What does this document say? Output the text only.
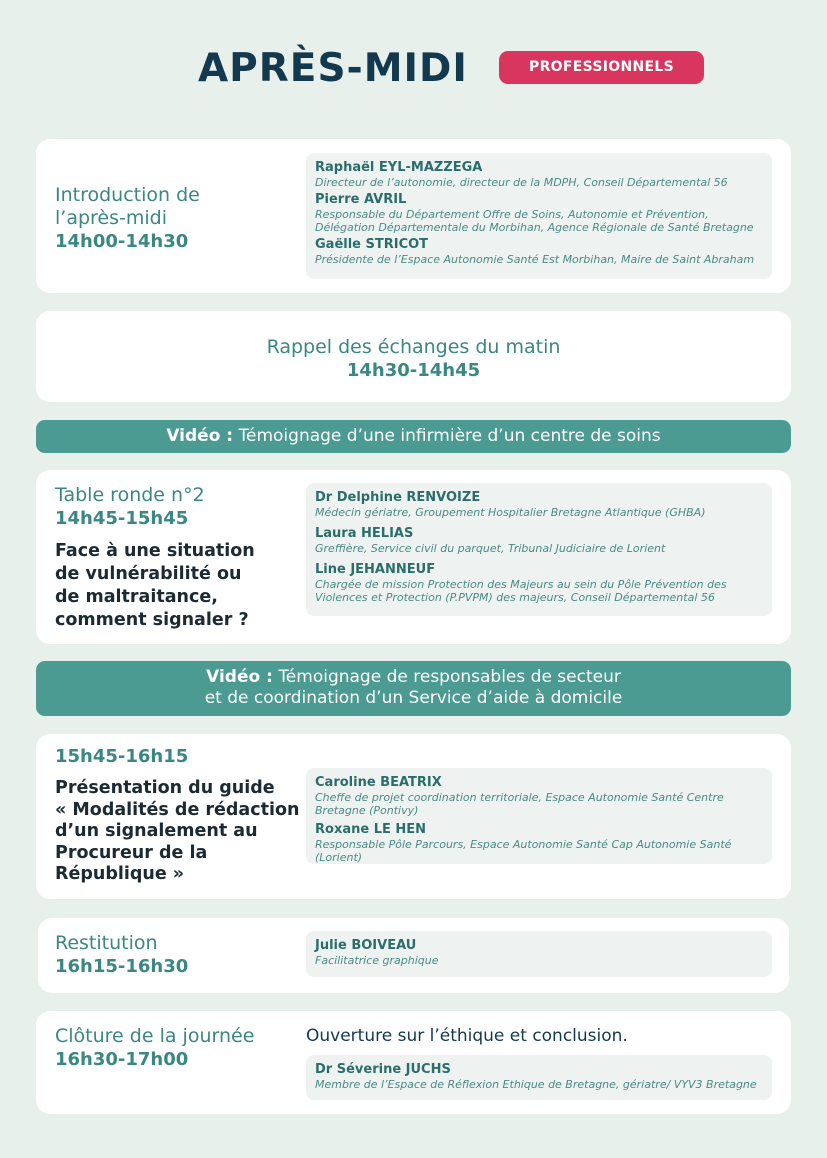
APRÈS-MIDI	PROFESSIONNELS
Introduction de
l’après-midi
14h00-14h30
Raphaël EYL-MAZZEGA
Directeur de l’autonomie, directeur de la MDPH, Conseil Départemental 56
Pierre AVRIL
Responsable du Département Offre de Soins, Autonomie et Prévention,
Délégation Départementale du Morbihan, Agence Régionale de Santé Bretagne
Gaëlle STRICOT
Présidente de l’Espace Autonomie Santé Est Morbihan, Maire de Saint Abraham
Rappel des échanges du matin
14h30-14h45
Vidéo : Témoignage d’une infirmière d’un centre de soins
Table ronde n°2
14h45-15h45
Face à une situation
de vulnérabilité ou
de maltraitance,
comment signaler ?
Dr Delphine RENVOIZE
Médecin gériatre, Groupement Hospitalier Bretagne Atlantique (GHBA)
Laura HELIAS
Greffière, Service civil du parquet, Tribunal Judiciaire de Lorient
Line JEHANNEUF
Chargée de mission Protection des Majeurs au sein du Pôle Prévention des
Violences et Protection (P.PVPM) des majeurs, Conseil Départemental 56
Vidéo : Témoignage de responsables de secteur
et de coordination d’un Service d’aide à domicile
15h45-16h15
Présentation du guide
« Modalités de rédaction
d’un signalement au
Procureur de la
République »
Caroline BEATRIX
Cheffe de projet coordination territoriale, Espace Autonomie Santé Centre
Bretagne (Pontivy)
Roxane LE HEN
Responsable Pôle Parcours, Espace Autonomie Santé Cap Autonomie Santé (Lorient)
Restitution
16h15-16h30
Julie BOIVEAU
Facilitatrice graphique
Clôture de la journée
16h30-17h00
Ouverture sur l’éthique et conclusion.
Dr Séverine JUCHS
Membre de l’Espace de Réflexion Ethique de Bretagne, gériatre/ VYV3 Bretagne
